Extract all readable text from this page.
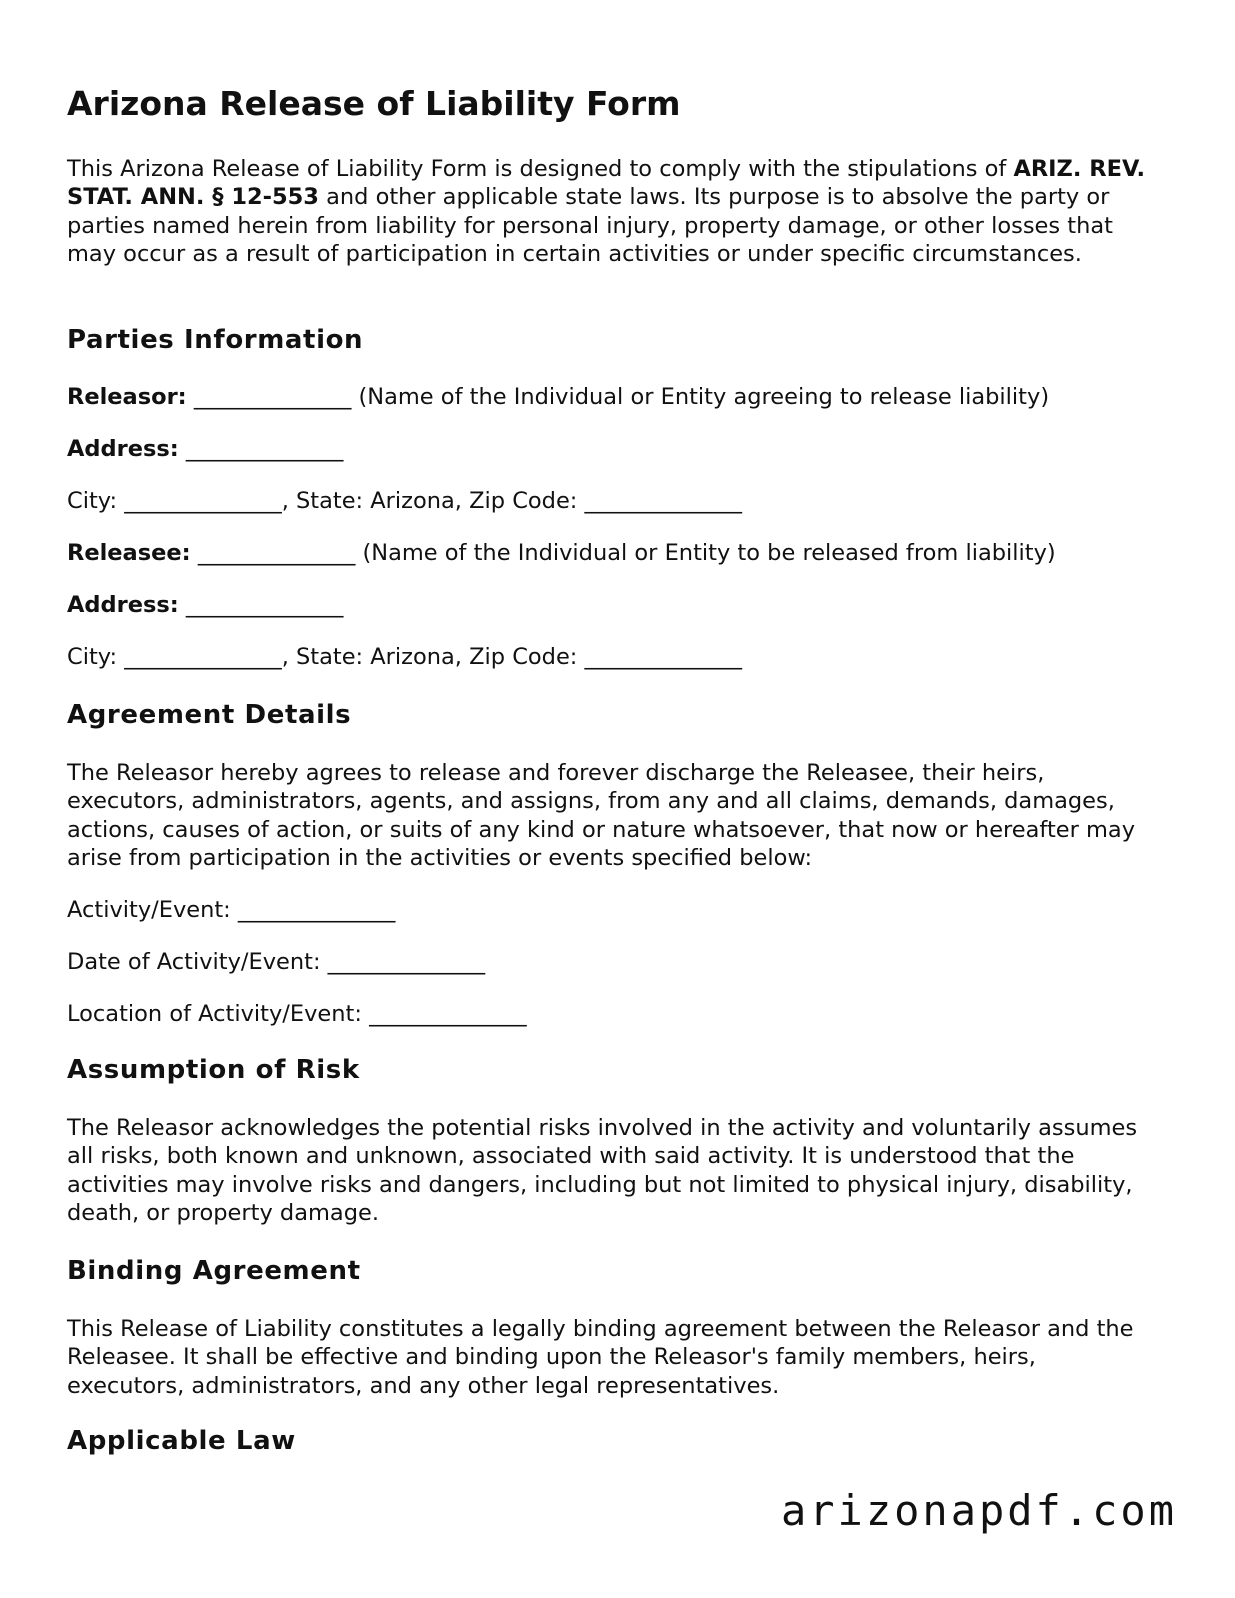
Arizona Release of Liability Form

This Arizona Release of Liability Form is designed to comply with the stipulations of ARIZ. REV. STAT. ANN. § 12-553 and other applicable state laws. Its purpose is to absolve the party or parties named herein from liability for personal injury, property damage, or other losses that may occur as a result of participation in certain activities or under specific circumstances.

Parties Information

Releasor: ______________ (Name of the Individual or Entity agreeing to release liability)

Address: ______________

City: ______________, State: Arizona, Zip Code: ______________

Releasee: ______________ (Name of the Individual or Entity to be released from liability)

Address: ______________

City: ______________, State: Arizona, Zip Code: ______________

Agreement Details

The Releasor hereby agrees to release and forever discharge the Releasee, their heirs, executors, administrators, agents, and assigns, from any and all claims, demands, damages, actions, causes of action, or suits of any kind or nature whatsoever, that now or hereafter may arise from participation in the activities or events specified below:

Activity/Event: ______________

Date of Activity/Event: ______________

Location of Activity/Event: ______________

Assumption of Risk

The Releasor acknowledges the potential risks involved in the activity and voluntarily assumes all risks, both known and unknown, associated with said activity. It is understood that the activities may involve risks and dangers, including but not limited to physical injury, disability, death, or property damage.

Binding Agreement

This Release of Liability constitutes a legally binding agreement between the Releasor and the Releasee. It shall be effective and binding upon the Releasor's family members, heirs, executors, administrators, and any other legal representatives.

Applicable Law
arizonapdf.com
